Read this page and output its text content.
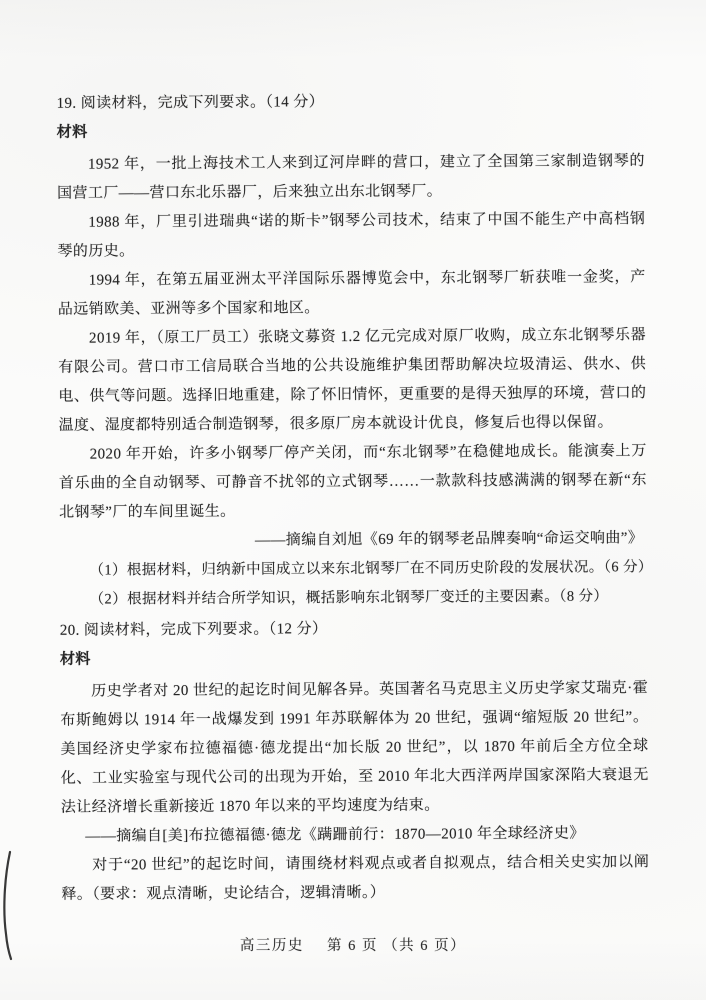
19. 阅读材料，完成下列要求。（14 分）

材料

1952 年，一批上海技术工人来到辽河岸畔的营口，建立了全国第三家制造钢琴的国营工厂——营口东北乐器厂，后来独立出东北钢琴厂。

1988 年，厂里引进瑞典“诺的斯卡”钢琴公司技术，结束了中国不能生产中高档钢琴的历史。

1994 年，在第五届亚洲太平洋国际乐器博览会中，东北钢琴厂斩获唯一金奖，产品远销欧美、亚洲等多个国家和地区。

2019 年，（原工厂员工）张晓文募资 1.2 亿元完成对原厂收购，成立东北钢琴乐器有限公司。营口市工信局联合当地的公共设施维护集团帮助解决垃圾清运、供水、供电、供气等问题。选择旧地重建，除了怀旧情怀，更重要的是得天独厚的环境，营口的温度、湿度都特别适合制造钢琴，很多原厂房本就设计优良，修复后也得以保留。

2020 年开始，许多小钢琴厂停产关闭，而“东北钢琴”在稳健地成长。能演奏上万首乐曲的全自动钢琴、可静音不扰邻的立式钢琴……一款款科技感满满的钢琴在新“东北钢琴”厂的车间里诞生。

——摘编自刘旭《69 年的钢琴老品牌奏响“命运交响曲”》

（1）根据材料，归纳新中国成立以来东北钢琴厂在不同历史阶段的发展状况。（6 分）

（2）根据材料并结合所学知识，概括影响东北钢琴厂变迁的主要因素。（8 分）

20. 阅读材料，完成下列要求。（12 分）

材料

历史学者对 20 世纪的起讫时间见解各异。英国著名马克思主义历史学家艾瑞克·霍布斯鲍姆以 1914 年一战爆发到 1991 年苏联解体为 20 世纪，强调“缩短版 20 世纪”。美国经济史学家布拉德福德·德龙提出“加长版 20 世纪”，以 1870 年前后全方位全球化、工业实验室与现代公司的出现为开始，至 2010 年北大西洋两岸国家深陷大衰退无法让经济增长重新接近 1870 年以来的平均速度为结束。

——摘编自[美]布拉德福德·德龙《蹒跚前行：1870—2010 年全球经济史》

对于“20 世纪”的起讫时间，请围绕材料观点或者自拟观点，结合相关史实加以阐释。（要求：观点清晰，史论结合，逻辑清晰。）

高三历史 第 6 页 （共 6 页）
